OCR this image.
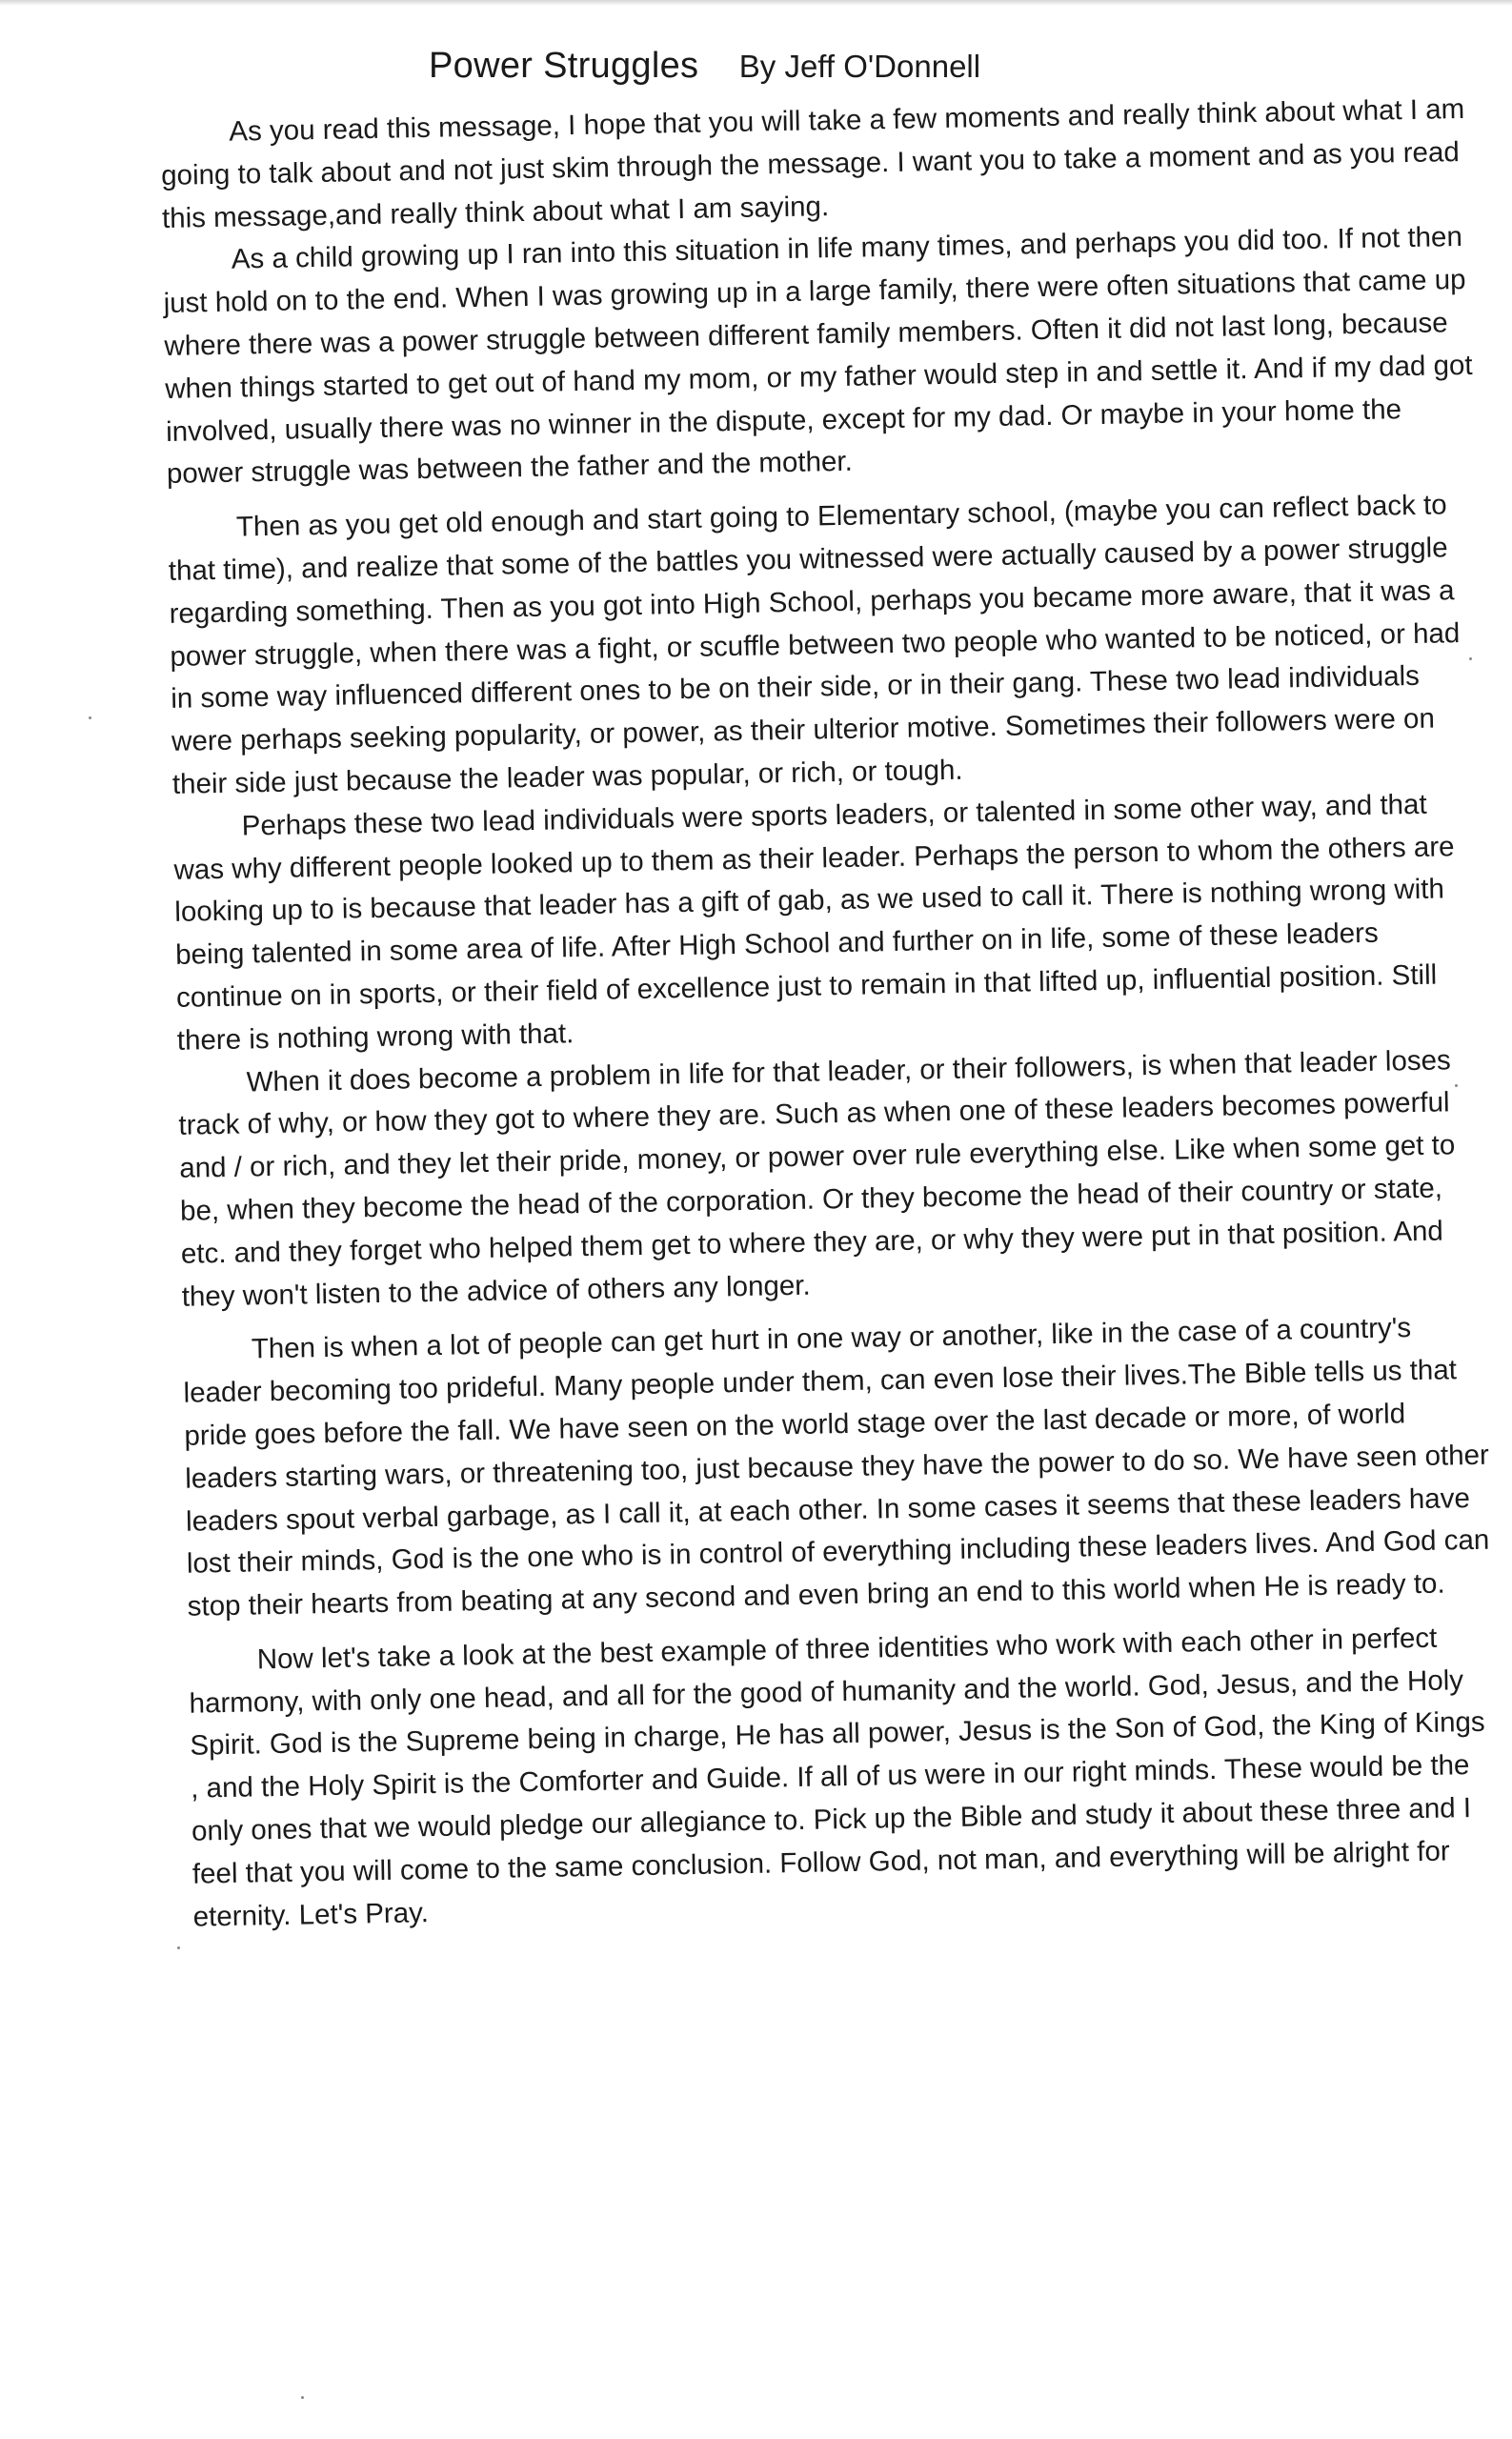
Power Struggles By Jeff O'Donnell

As you read this message, I hope that you will take a few moments and really think about what I am going to talk about and not just skim through the message. I want you to take a moment and as you read this message,and really think about what I am saying.

As a child growing up I ran into this situation in life many times, and perhaps you did too. If not then just hold on to the end. When I was growing up in a large family, there were often situations that came up where there was a power struggle between different family members. Often it did not last long, because when things started to get out of hand my mom, or my father would step in and settle it. And if my dad got involved, usually there was no winner in the dispute, except for my dad. Or maybe in your home the power struggle was between the father and the mother.

Then as you get old enough and start going to Elementary school, (maybe you can reflect back to that time), and realize that some of the battles you witnessed were actually caused by a power struggle regarding something. Then as you got into High School, perhaps you became more aware, that it was a power struggle, when there was a fight, or scuffle between two people who wanted to be noticed, or had in some way influenced different ones to be on their side, or in their gang. These two lead individuals were perhaps seeking popularity, or power, as their ulterior motive. Sometimes their followers were on their side just because the leader was popular, or rich, or tough.

Perhaps these two lead individuals were sports leaders, or talented in some other way, and that was why different people looked up to them as their leader. Perhaps the person to whom the others are looking up to is because that leader has a gift of gab, as we used to call it. There is nothing wrong with being talented in some area of life. After High School and further on in life, some of these leaders continue on in sports, or their field of excellence just to remain in that lifted up, influential position. Still there is nothing wrong with that.

When it does become a problem in life for that leader, or their followers, is when that leader loses track of why, or how they got to where they are. Such as when one of these leaders becomes powerful and / or rich, and they let their pride, money, or power over rule everything else. Like when some get to be, when they become the head of the corporation. Or they become the head of their country or state, etc. and they forget who helped them get to where they are, or why they were put in that position. And they won't listen to the advice of others any longer.

Then is when a lot of people can get hurt in one way or another, like in the case of a country's leader becoming too prideful. Many people under them, can even lose their lives.The Bible tells us that pride goes before the fall. We have seen on the world stage over the last decade or more, of world leaders starting wars, or threatening too, just because they have the power to do so. We have seen other leaders spout verbal garbage, as I call it, at each other. In some cases it seems that these leaders have lost their minds, God is the one who is in control of everything including these leaders lives. And God can stop their hearts from beating at any second and even bring an end to this world when He is ready to.

Now let's take a look at the best example of three identities who work with each other in perfect harmony, with only one head, and all for the good of humanity and the world. God, Jesus, and the Holy Spirit. God is the Supreme being in charge, He has all power, Jesus is the Son of God, the King of Kings , and the Holy Spirit is the Comforter and Guide. If all of us were in our right minds. These would be the only ones that we would pledge our allegiance to. Pick up the Bible and study it about these three and I feel that you will come to the same conclusion. Follow God, not man, and everything will be alright for eternity. Let's Pray.
